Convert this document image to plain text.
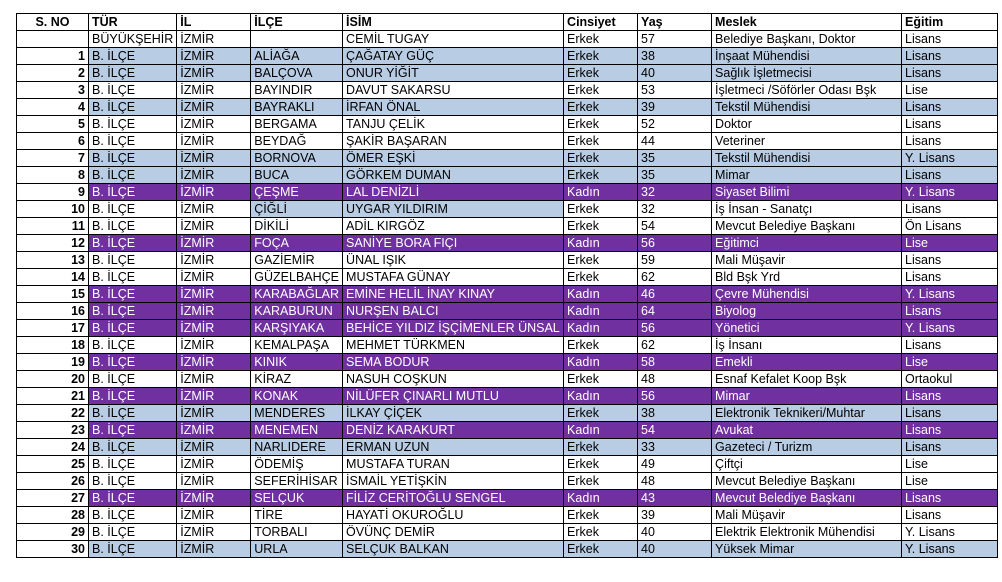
S. NO	TÜR	İL	İLÇE	İSİM	Cinsiyet	Yaş	Meslek	Eğitim
	BÜYÜKŞEHİR	İZMİR		CEMİL TUGAY	Erkek	57	Belediye Başkanı, Doktor	Lisans
1	B. İLÇE	İZMİR	ALİAĞA	ÇAĞATAY GÜÇ	Erkek	38	İnşaat Mühendisi	Lisans
2	B. İLÇE	İZMİR	BALÇOVA	ONUR YİĞİT	Erkek	40	Sağlık İşletmecisi	Lisans
3	B. İLÇE	İZMİR	BAYINDIR	DAVUT SAKARSU	Erkek	53	İşletmeci /Söförler Odası Bşk	Lise
4	B. İLÇE	İZMİR	BAYRAKLI	İRFAN ÖNAL	Erkek	39	Tekstil Mühendisi	Lisans
5	B. İLÇE	İZMİR	BERGAMA	TANJU ÇELİK	Erkek	52	Doktor	Lisans
6	B. İLÇE	İZMİR	BEYDAĞ	ŞAKİR BAŞARAN	Erkek	44	Veteriner	Lisans
7	B. İLÇE	İZMİR	BORNOVA	ÖMER EŞKİ	Erkek	35	Tekstil Mühendisi	Y. Lisans
8	B. İLÇE	İZMİR	BUCA	GÖRKEM DUMAN	Erkek	35	Mimar	Lisans
9	B. İLÇE	İZMİR	ÇEŞME	LAL DENİZLİ	Kadın	32	Siyaset Bilimi	Y. Lisans
10	B. İLÇE	İZMİR	ÇİĞLİ	UYGAR YILDIRIM	Erkek	32	İş İnsan - Sanatçı	Lisans
11	B. İLÇE	İZMİR	DİKİLİ	ADİL KIRGÖZ	Erkek	54	Mevcut Belediye Başkanı	Ön Lisans
12	B. İLÇE	İZMİR	FOÇA	SANİYE BORA FIÇI	Kadın	56	Eğitimci	Lise
13	B. İLÇE	İZMİR	GAZİEMİR	ÜNAL IŞIK	Erkek	59	Mali Müşavir	Lisans
14	B. İLÇE	İZMİR	GÜZELBAHÇE	MUSTAFA GÜNAY	Erkek	62	Bld Bşk Yrd	Lisans
15	B. İLÇE	İZMİR	KARABAĞLAR	EMİNE HELİL İNAY KINAY	Kadın	46	Çevre Mühendisi	Y. Lisans
16	B. İLÇE	İZMİR	KARABURUN	NURŞEN BALCI	Kadın	64	Biyolog	Lisans
17	B. İLÇE	İZMİR	KARŞIYAKA	BEHİCE YILDIZ İŞÇİMENLER ÜNSAL	Kadın	56	Yönetici	Y. Lisans
18	B. İLÇE	İZMİR	KEMALPAŞA	MEHMET TÜRKMEN	Erkek	62	İş İnsanı	Lisans
19	B. İLÇE	İZMİR	KINIK	SEMA BODUR	Kadın	58	Emekli	Lise
20	B. İLÇE	İZMİR	KİRAZ	NASUH COŞKUN	Erkek	48	Esnaf Kefalet Koop Bşk	Ortaokul
21	B. İLÇE	İZMİR	KONAK	NİLÜFER ÇINARLI MUTLU	Kadın	56	Mimar	Lisans
22	B. İLÇE	İZMİR	MENDERES	İLKAY ÇİÇEK	Erkek	38	Elektronik Teknikeri/Muhtar	Lisans
23	B. İLÇE	İZMİR	MENEMEN	DENİZ KARAKURT	Kadın	54	Avukat	Lisans
24	B. İLÇE	İZMİR	NARLIDERE	ERMAN UZUN	Erkek	33	Gazeteci / Turizm	Lisans
25	B. İLÇE	İZMİR	ÖDEMİŞ	MUSTAFA TURAN	Erkek	49	Çiftçi	Lise
26	B. İLÇE	İZMİR	SEFERİHİSAR	İSMAİL YETİŞKİN	Erkek	48	Mevcut Belediye Başkanı	Lise
27	B. İLÇE	İZMİR	SELÇUK	FİLİZ CERİTOĞLU SENGEL	Kadın	43	Mevcut Belediye Başkanı	Lisans
28	B. İLÇE	İZMİR	TİRE	HAYATİ OKUROĞLU	Erkek	39	Mali Müşavir	Lisans
29	B. İLÇE	İZMİR	TORBALI	ÖVÜNÇ DEMİR	Erkek	40	Elektrik Elektronik Mühendisi	Y. Lisans
30	B. İLÇE	İZMİR	URLA	SELÇUK BALKAN	Erkek	40	Yüksek Mimar	Y. Lisans
